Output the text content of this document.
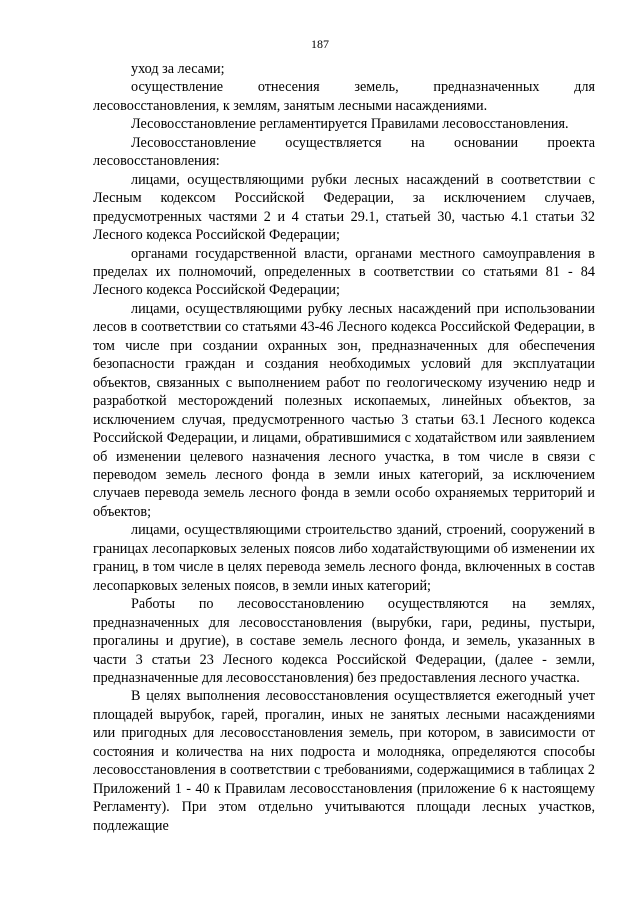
187

уход за лесами;

осуществление отнесения земель, предназначенных для лесовосстановления, к землям, занятым лесными насаждениями.

Лесовосстановление регламентируется Правилами лесовосстановления.

Лесовосстановление осуществляется на основании проекта лесовосстановления:

лицами, осуществляющими рубки лесных насаждений в соответствии с Лесным кодексом Российской Федерации, за исключением случаев, предусмотренных частями 2 и 4 статьи 29.1, статьей 30, частью 4.1 статьи 32 Лесного кодекса Российской Федерации;

органами государственной власти, органами местного самоуправления в пределах их полномочий, определенных в соответствии со статьями 81 - 84 Лесного кодекса Российской Федерации;

лицами, осуществляющими рубку лесных насаждений при использовании лесов в соответствии со статьями 43-46 Лесного кодекса Российской Федерации, в том числе при создании охранных зон, предназначенных для обеспечения безопасности граждан и создания необходимых условий для эксплуатации объектов, связанных с выполнением работ по геологическому изучению недр и разработкой месторождений полезных ископаемых, линейных объектов, за исключением случая, предусмотренного частью 3 статьи 63.1 Лесного кодекса Российской Федерации, и лицами, обратившимися с ходатайством или заявлением об изменении целевого назначения лесного участка, в том числе в связи с переводом земель лесного фонда в земли иных категорий, за исключением случаев перевода земель лесного фонда в земли особо охраняемых территорий и объектов;

лицами, осуществляющими строительство зданий, строений, сооружений в границах лесопарковых зеленых поясов либо ходатайствующими об изменении их границ, в том числе в целях перевода земель лесного фонда, включенных в состав лесопарковых зеленых поясов, в земли иных категорий;

Работы по лесовосстановлению осуществляются на землях, предназначенных для лесовосстановления (вырубки, гари, редины, пустыри, прогалины и другие), в составе земель лесного фонда, и земель, указанных в части 3 статьи 23 Лесного кодекса Российской Федерации, (далее - земли, предназначенные для лесовосстановления) без предоставления лесного участка.

В целях выполнения лесовосстановления осуществляется ежегодный учет площадей вырубок, гарей, прогалин, иных не занятых лесными насаждениями или пригодных для лесовосстановления земель, при котором, в зависимости от состояния и количества на них подроста и молодняка, определяются способы лесовосстановления в соответствии с требованиями, содержащимися в таблицах 2 Приложений 1 - 40 к Правилам лесовосстановления (приложение 6 к настоящему Регламенту). При этом отдельно учитываются площади лесных участков, подлежащие
